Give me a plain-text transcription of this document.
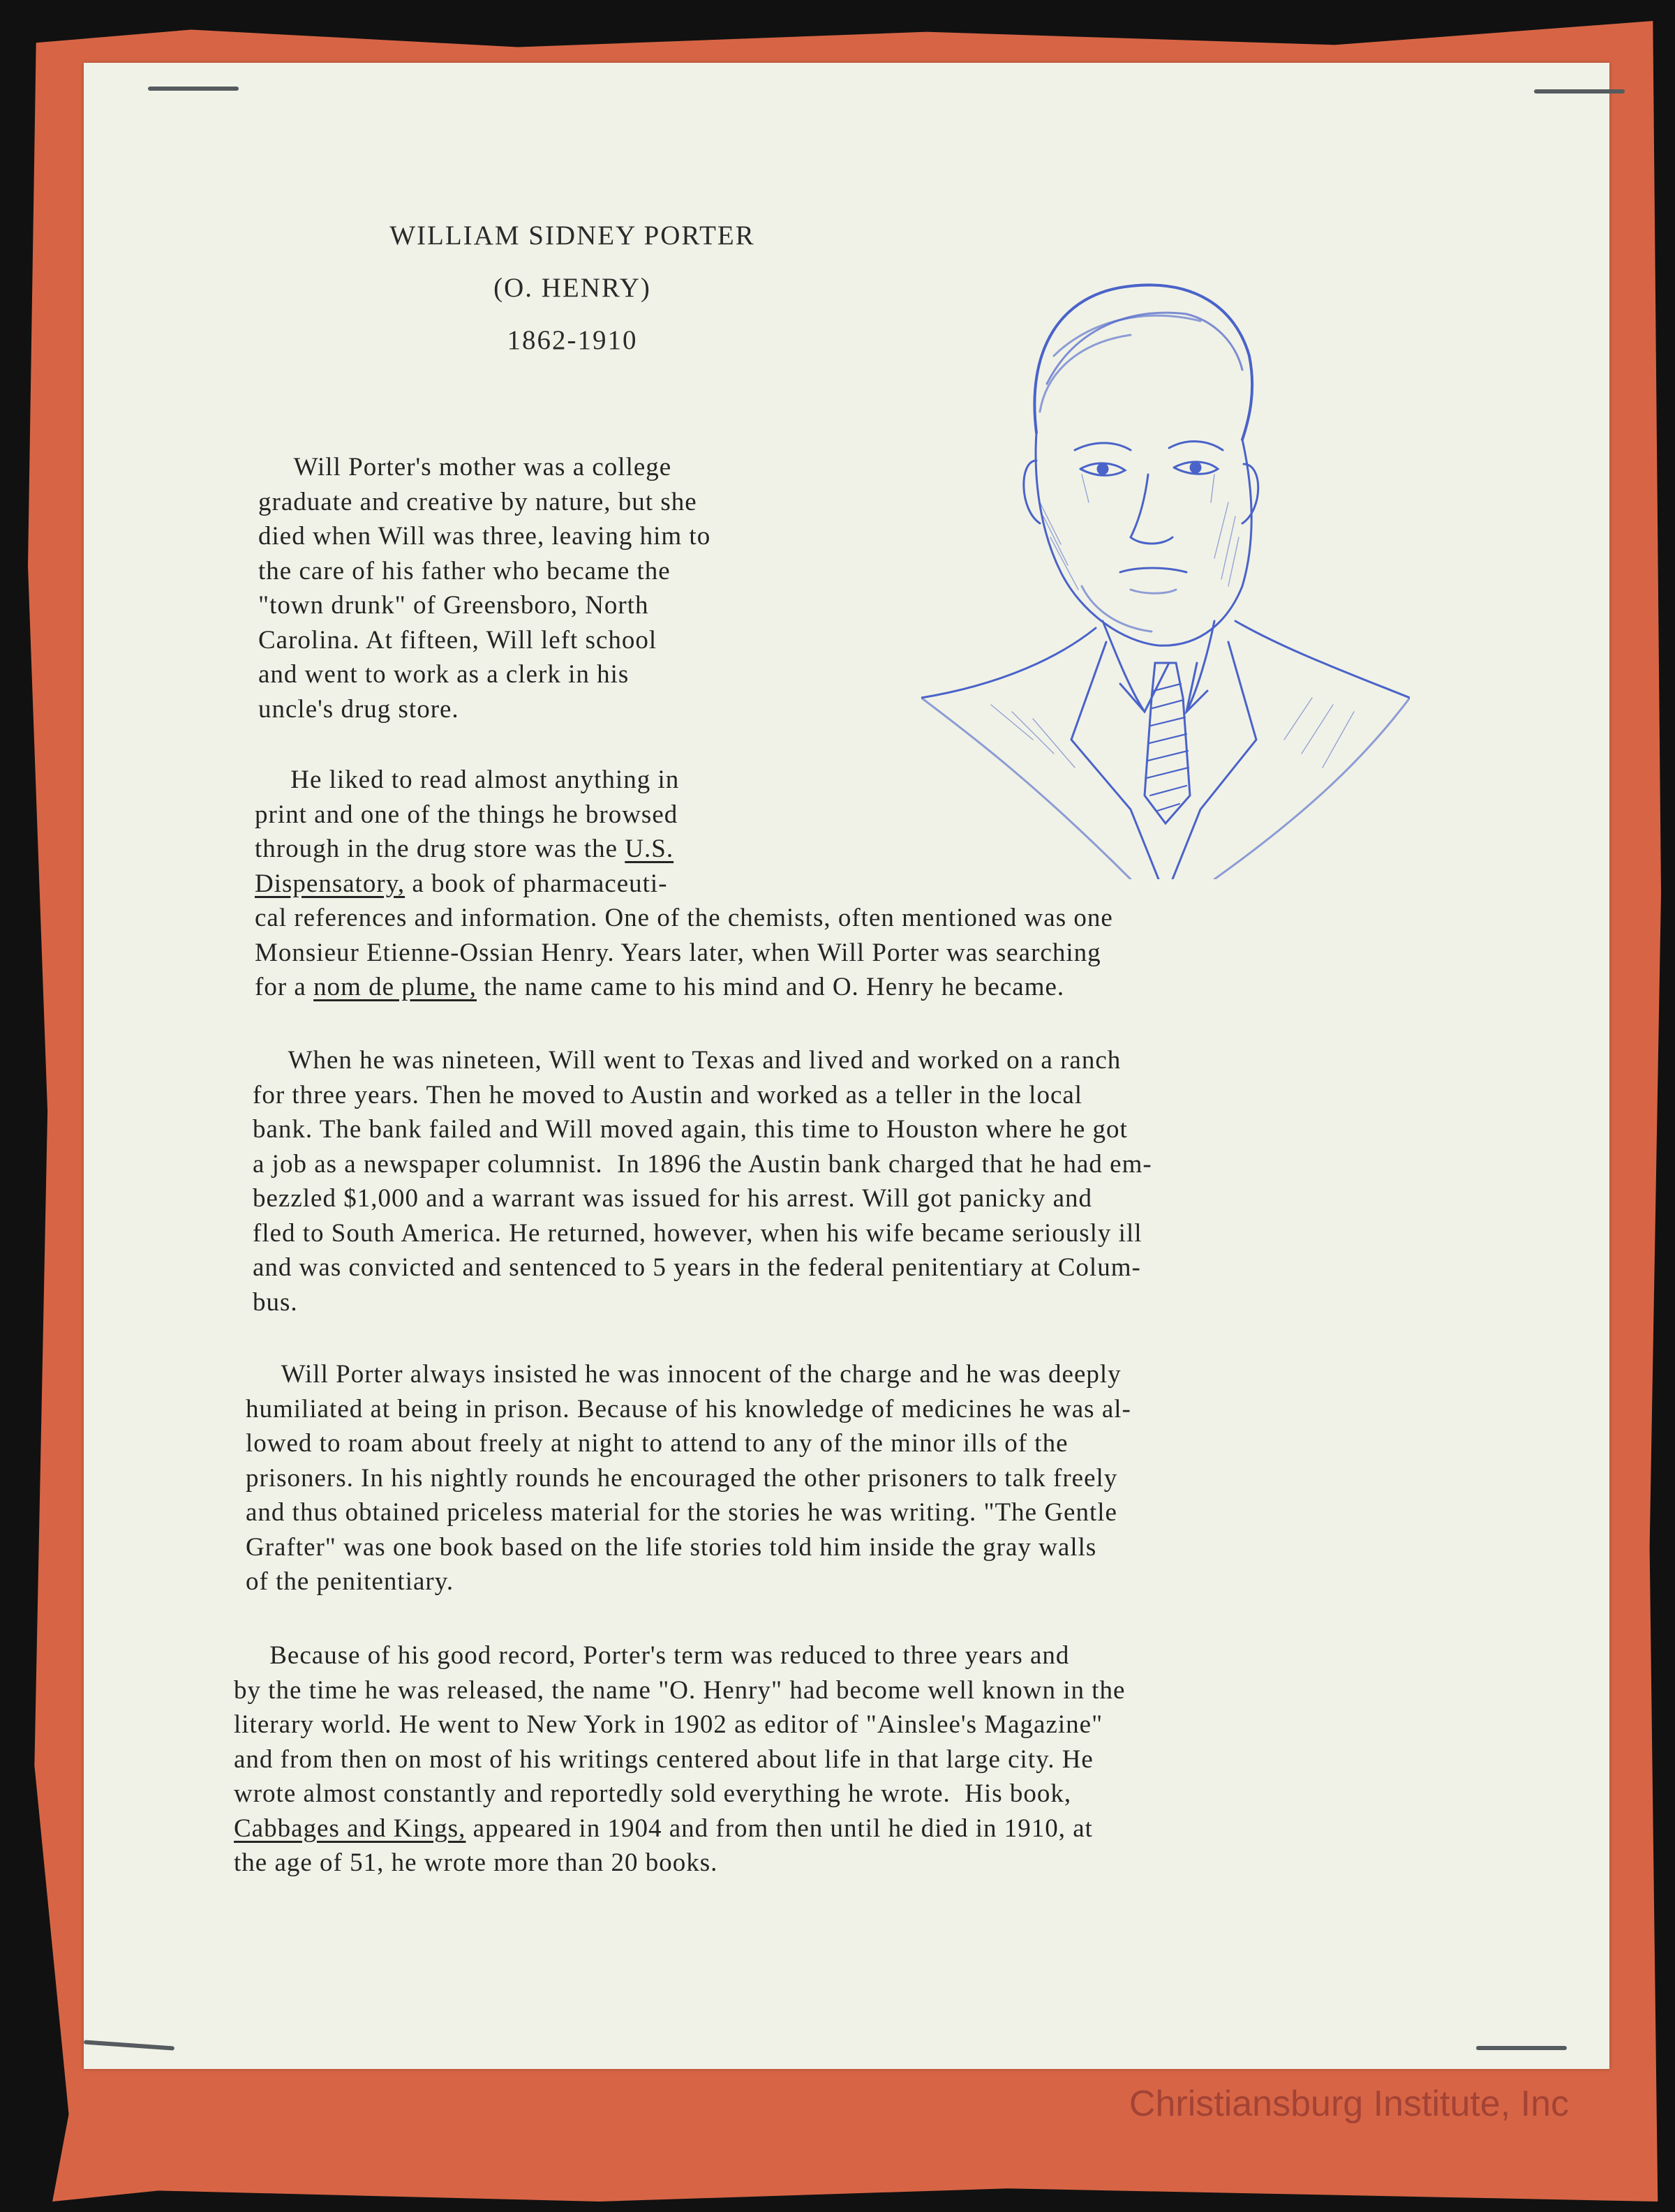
WILLIAM SIDNEY PORTER
(O. HENRY)
1862-1910

Will Porter's mother was a college

graduate and creative by nature, but she

died when Will was three, leaving him to

the care of his father who became the

"town drunk" of Greensboro, North

Carolina. At fifteen, Will left school

and went to work as a clerk in his

uncle's drug store.

He liked to read almost anything in

print and one of the things he browsed

through in the drug store was the U.S.

Dispensatory, a book of pharmaceuti-

cal references and information. One of the chemists, often mentioned was one

Monsieur Etienne-Ossian Henry. Years later, when Will Porter was searching

for a nom de plume, the name came to his mind and O. Henry he became.

When he was nineteen, Will went to Texas and lived and worked on a ranch

for three years. Then he moved to Austin and worked as a teller in the local

bank. The bank failed and Will moved again, this time to Houston where he got

a job as a newspaper columnist.  In 1896 the Austin bank charged that he had em-

bezzled $1,000 and a warrant was issued for his arrest. Will got panicky and

fled to South America. He returned, however, when his wife became seriously ill

and was convicted and sentenced to 5 years in the federal penitentiary at Colum-

bus.

Will Porter always insisted he was innocent of the charge and he was deeply

humiliated at being in prison. Because of his knowledge of medicines he was al-

lowed to roam about freely at night to attend to any of the minor ills of the

prisoners. In his nightly rounds he encouraged the other prisoners to talk freely

and thus obtained priceless material for the stories he was writing. "The Gentle

Grafter" was one book based on the life stories told him inside the gray walls

of the penitentiary.

Because of his good record, Porter's term was reduced to three years and

by the time he was released, the name "O. Henry" had become well known in the

literary world. He went to New York in 1902 as editor of "Ainslee's Magazine"

and from then on most of his writings centered about life in that large city. He

wrote almost constantly and reportedly sold everything he wrote.  His book,

Cabbages and Kings, appeared in 1904 and from then until he died in 1910, at

the age of 51, he wrote more than 20 books.

Christiansburg Institute, Inc
